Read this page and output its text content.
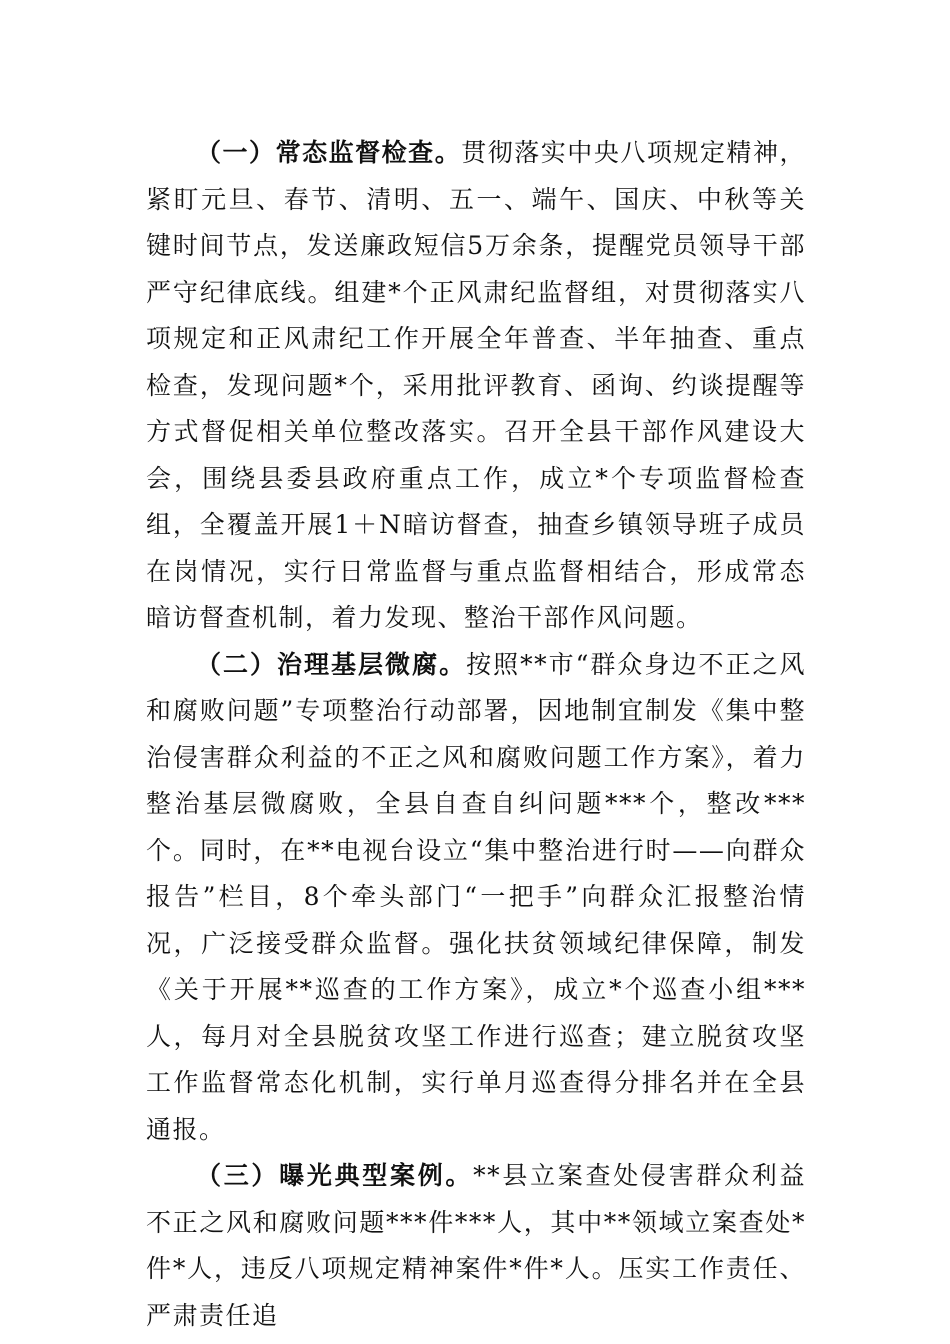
（一）常态监督检查。贯彻落实中央八项规定精神，紧盯元旦、春节、清明、五一、端午、国庆、中秋等关键时间节点，发送廉政短信5万余条，提醒党员领导干部严守纪律底线。组建*个正风肃纪监督组，对贯彻落实八项规定和正风肃纪工作开展全年普查、半年抽查、重点检查，发现问题*个，采用批评教育、函询、约谈提醒等方式督促相关单位整改落实。召开全县干部作风建设大会，围绕县委县政府重点工作，成立*个专项监督检查组，全覆盖开展1＋N暗访督查，抽查乡镇领导班子成员在岗情况，实行日常监督与重点监督相结合，形成常态暗访督查机制，着力发现、整治干部作风问题。

（二）治理基层微腐。按照**市“群众身边不正之风和腐败问题”专项整治行动部署，因地制宜制发《集中整治侵害群众利益的不正之风和腐败问题工作方案》，着力整治基层微腐败，全县自查自纠问题***个，整改***个。同时，在**电视台设立“集中整治进行时——向群众报告”栏目，8个牵头部门“一把手”向群众汇报整治情况，广泛接受群众监督。强化扶贫领域纪律保障，制发《关于开展**巡查的工作方案》，成立*个巡查小组***人，每月对全县脱贫攻坚工作进行巡查；建立脱贫攻坚工作监督常态化机制，实行单月巡查得分排名并在全县通报。

（三）曝光典型案例。**县立案查处侵害群众利益不正之风和腐败问题***件***人，其中**领域立案查处*件*人，违反八项规定精神案件*件*人。压实工作责任、严肃责任追
